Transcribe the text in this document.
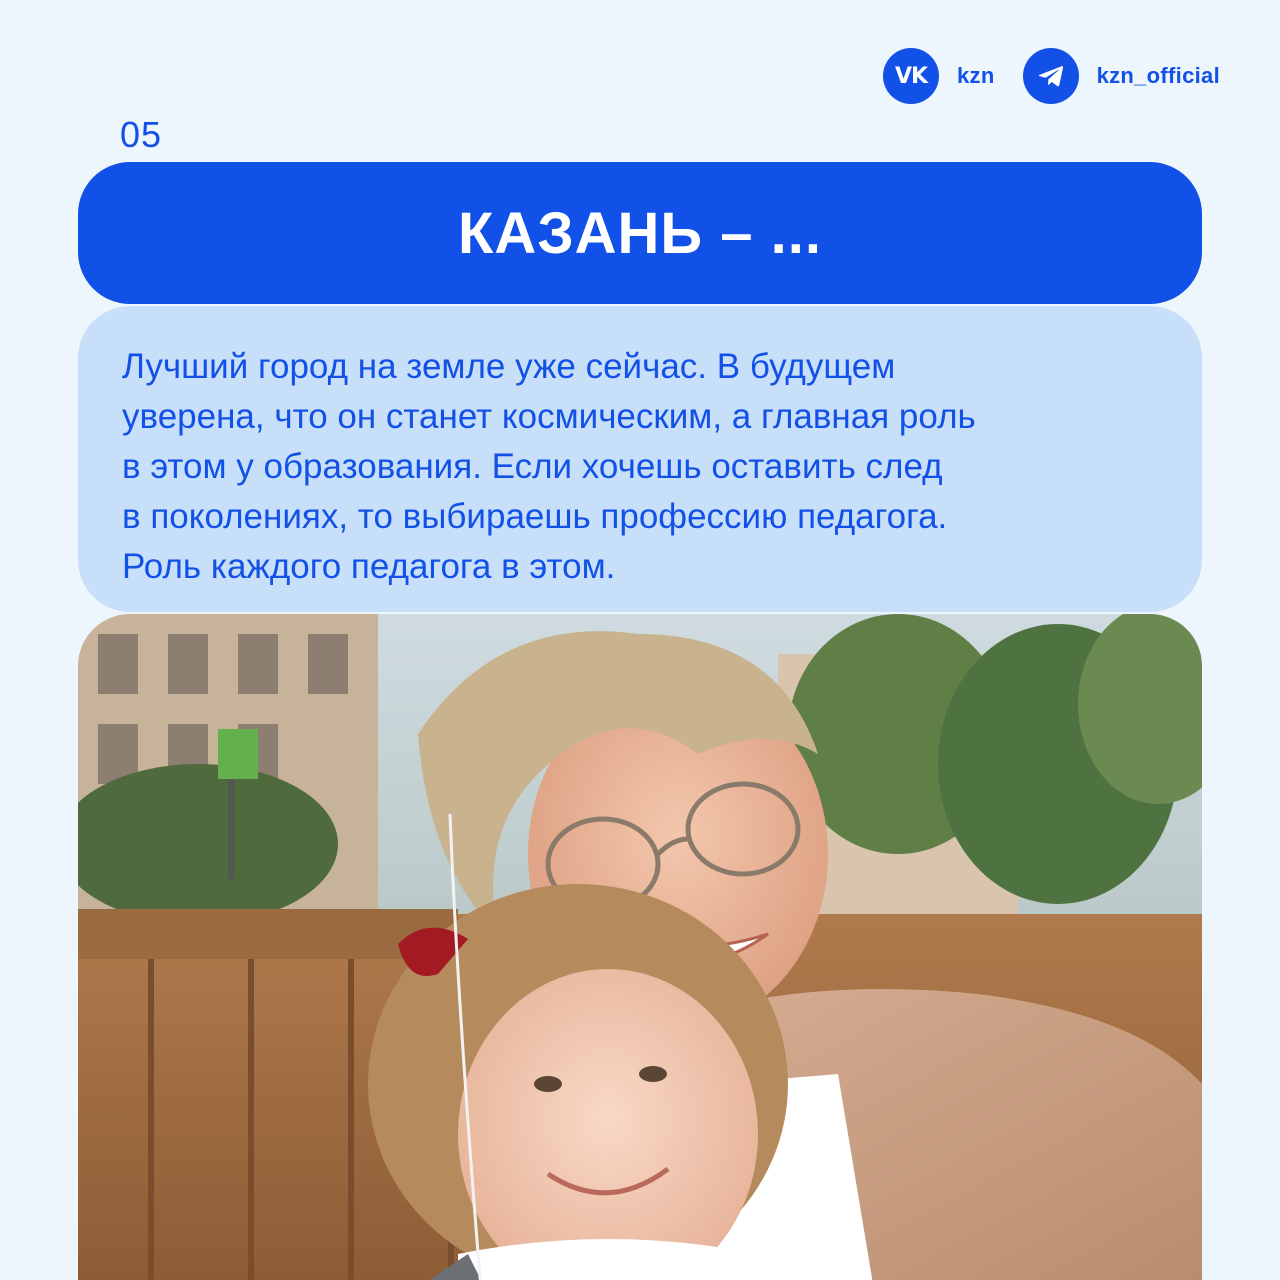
VK kzn	kzn_official
05
КАЗАНЬ – ...

Лучший город на земле уже сейчас. В будущем
уверена, что он станет космическим, а главная роль
в этом у образования. Если хочешь оставить след
в поколениях, то выбираешь профессию педагога.
Роль каждого педагога в этом.
